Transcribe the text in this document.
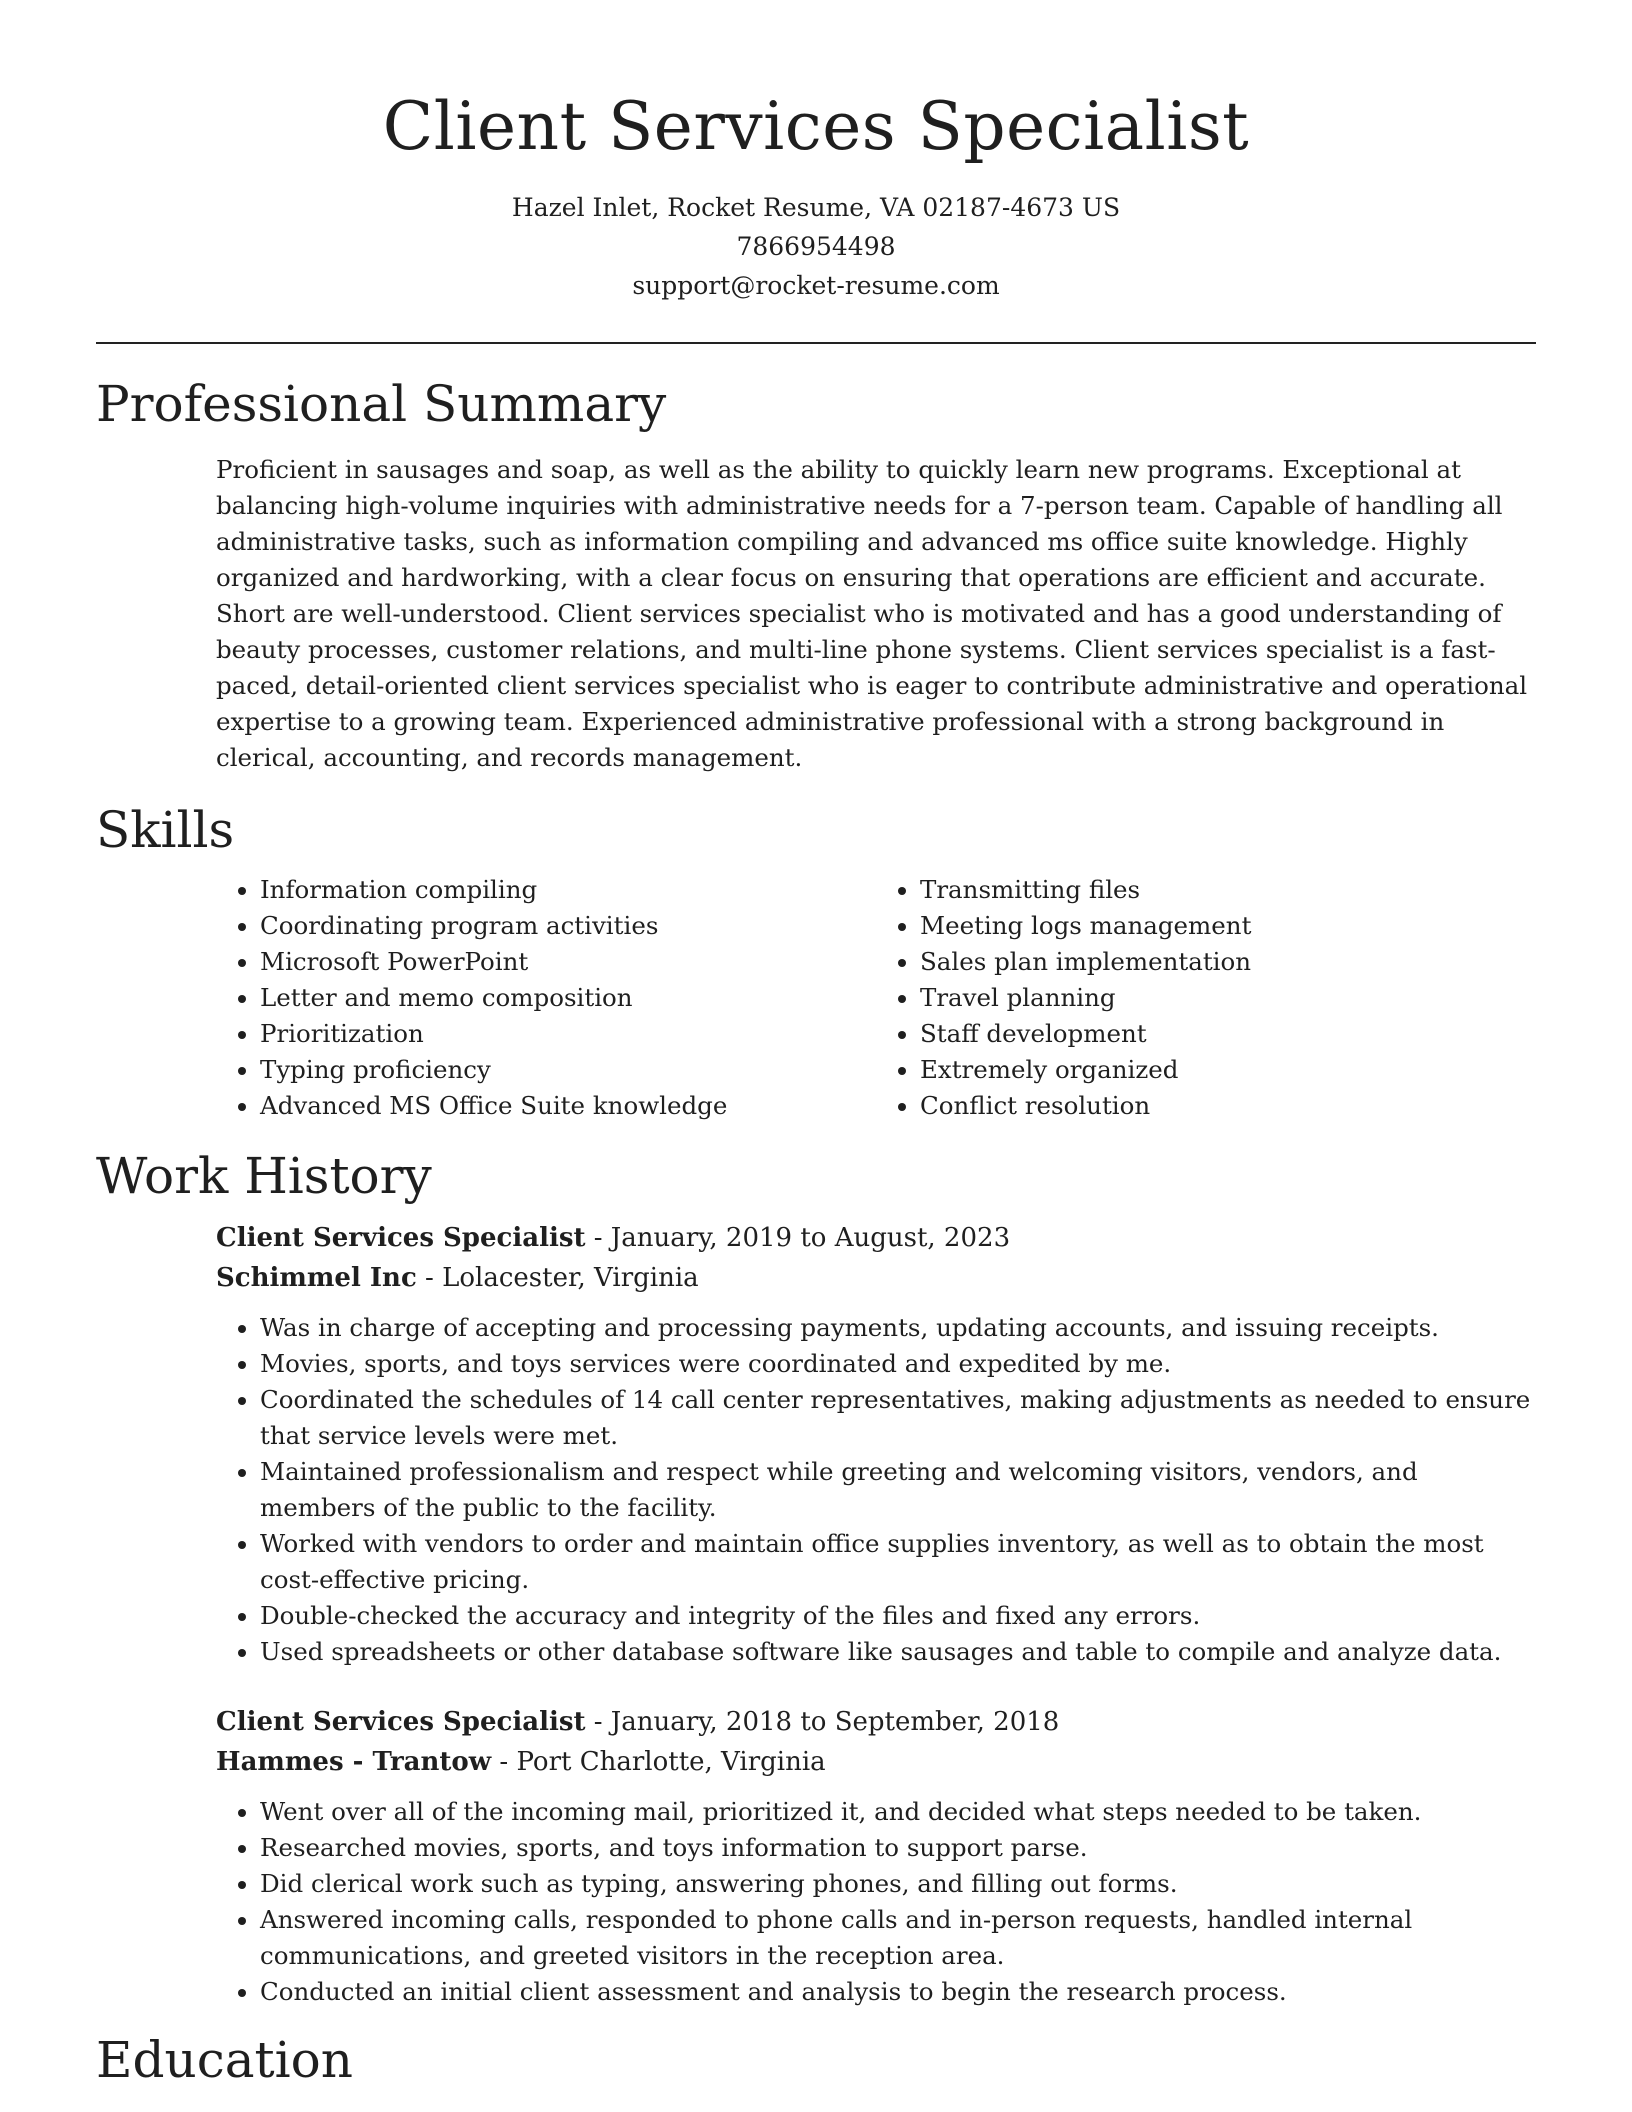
Client Services Specialist

Hazel Inlet, Rocket Resume, VA 02187-4673 US

7866954498

support@rocket-resume.com

Professional Summary

Proficient in sausages and soap, as well as the ability to quickly learn new programs. Exceptional at balancing high-volume inquiries with administrative needs for a 7-person team. Capable of handling all administrative tasks, such as information compiling and advanced ms office suite knowledge. Highly organized and hardworking, with a clear focus on ensuring that operations are efficient and accurate. Short are well-understood. Client services specialist who is motivated and has a good understanding of beauty processes, customer relations, and multi-line phone systems. Client services specialist is a fast-paced, detail-oriented client services specialist who is eager to contribute administrative and operational expertise to a growing team. Experienced administrative professional with a strong background in clerical, accounting, and records management.

Skills
• Information compiling
• Coordinating program activities
• Microsoft PowerPoint
• Letter and memo composition
• Prioritization
• Typing proficiency
• Advanced MS Office Suite knowledge
• Transmitting files
• Meeting logs management
• Sales plan implementation
• Travel planning
• Staff development
• Extremely organized
• Conflict resolution
Work History

Client Services Specialist - January, 2019 to August, 2023

Schimmel Inc - Lolacester, Virginia

• Was in charge of accepting and processing payments, updating accounts, and issuing receipts.
• Movies, sports, and toys services were coordinated and expedited by me.
• Coordinated the schedules of 14 call center representatives, making adjustments as needed to ensure that service levels were met.
• Maintained professionalism and respect while greeting and welcoming visitors, vendors, and members of the public to the facility.
• Worked with vendors to order and maintain office supplies inventory, as well as to obtain the most cost-effective pricing.
• Double-checked the accuracy and integrity of the files and fixed any errors.
• Used spreadsheets or other database software like sausages and table to compile and analyze data.

Client Services Specialist - January, 2018 to September, 2018

Hammes - Trantow - Port Charlotte, Virginia

• Went over all of the incoming mail, prioritized it, and decided what steps needed to be taken.
• Researched movies, sports, and toys information to support parse.
• Did clerical work such as typing, answering phones, and filling out forms.
• Answered incoming calls, responded to phone calls and in-person requests, handled internal communications, and greeted visitors in the reception area.
• Conducted an initial client assessment and analysis to begin the research process.
Education
